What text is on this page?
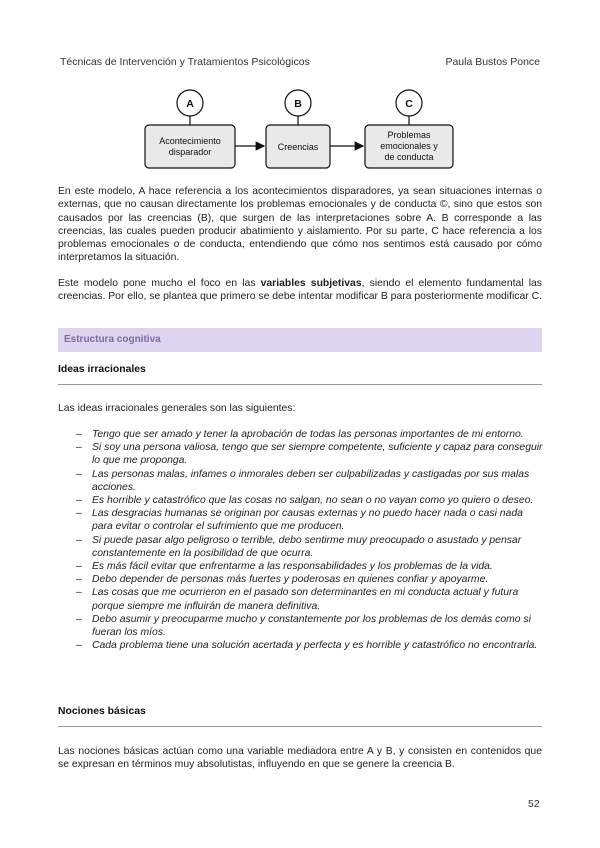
Técnicas de Intervención y Tratamientos Psicológicos	Paula Bustos Ponce
A	B	C
Acontecimiento
disparador	Creencias
Problemas
emocionales y
de conducta

En este modelo, A hace referencia a los acontecimientos disparadores, ya sean situaciones internas o externas, que no causan directamente los problemas emocionales y de conducta ©, sino que estos son causados por las creencias (B), que surgen de las interpretaciones sobre A. B corresponde a las creencias, las cuales pueden producir abatimiento y aislamiento. Por su parte, C hace referencia a los problemas emocionales o de conducta, entendiendo que cómo nos sentimos está causado por cómo interpretamos la situación.

Este modelo pone mucho el foco en las variables subjetivas, siendo el elemento fundamental las creencias. Por ello, se plantea que primero se debe intentar modificar B para posteriormente modificar C.

Estructura cognitiva
Ideas irracionales
Las ideas irracionales generales son las siguientes:
– Tengo que ser amado y tener la aprobación de todas las personas importantes de mi entorno.
– Si soy una persona valiosa, tengo que ser siempre competente, suficiente y capaz para conseguir lo que me proponga.
– Las personas malas, infames o inmorales deben ser culpabilizadas y castigadas por sus malas acciones.
– Es horrible y catastrófico que las cosas no salgan, no sean o no vayan como yo quiero o deseo.
– Las desgracias humanas se originan por causas externas y no puedo hacer nada o casi nada para evitar o controlar el sufrimiento que me producen.
– Si puede pasar algo peligroso o terrible, debo sentirme muy preocupado o asustado y pensar constantemente en la posibilidad de que ocurra.
– Es más fácil evitar que enfrentarme a las responsabilidades y los problemas de la vida.
– Debo depender de personas más fuertes y poderosas en quienes confiar y apoyarme.
– Las cosas que me ocurrieron en el pasado son determinantes en mi conducta actual y futura porque siempre me influirán de manera definitiva.
– Debo asumir y preocuparme mucho y constantemente por los problemas de los demás como si fueran los míos.
– Cada problema tiene una solución acertada y perfecta y es horrible y catastrófico no encontrarla.
Nociones básicas

Las nociones básicas actúan como una variable mediadora entre A y B, y consisten en contenidos que se expresan en términos muy absolutistas, influyendo en que se genere la creencia B.

52
